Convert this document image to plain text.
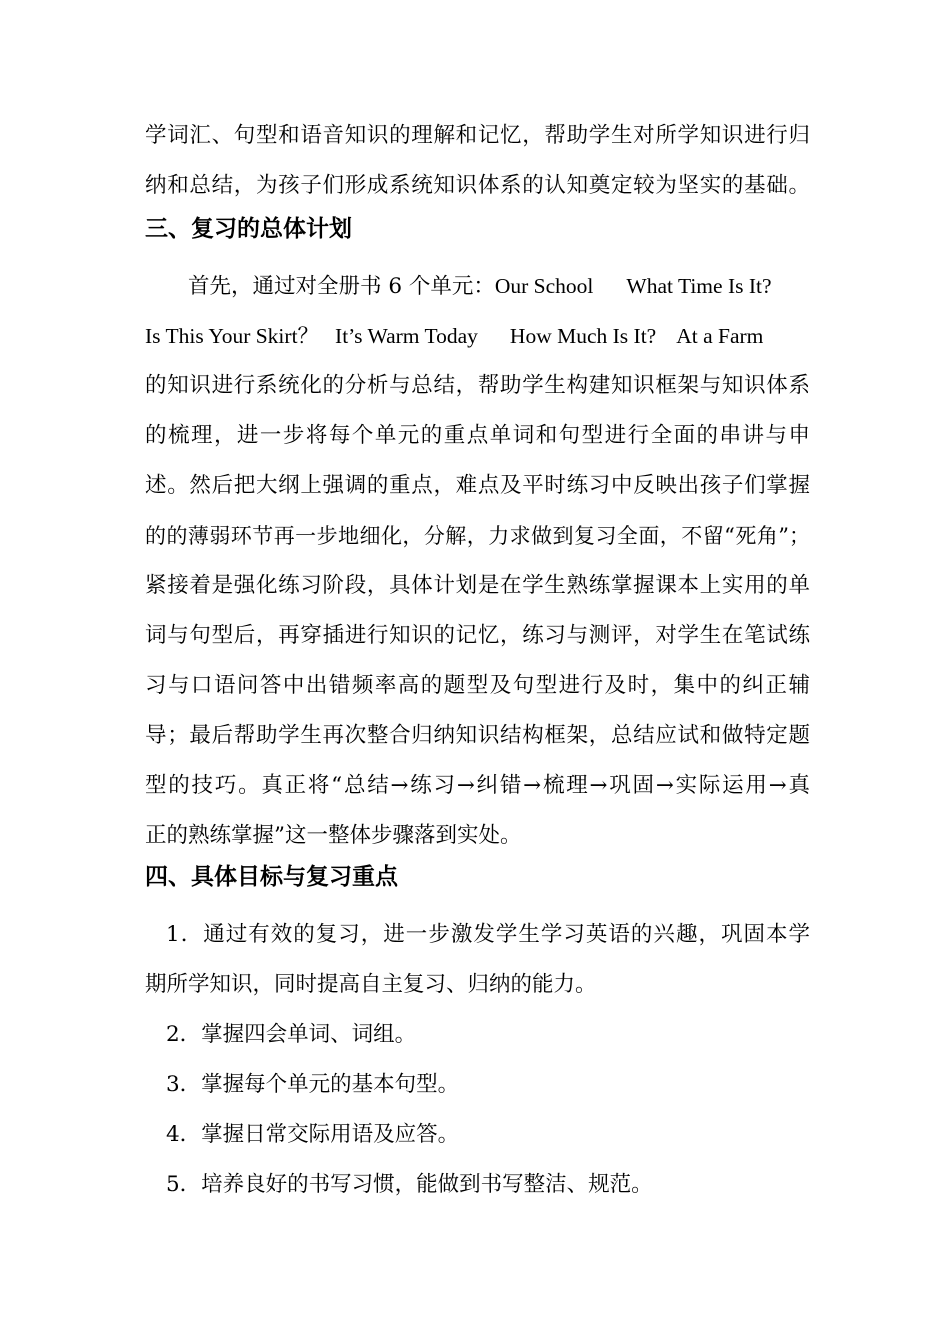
学词汇、句型和语音知识的理解和记忆，帮助学生对所学知识进行归
纳和总结，为孩子们形成系统知识体系的认知奠定较为坚实的基础。
三、复习的总体计划
首先，通过对全册书 6 个单元：Our School What Time Is It?
Is This Your Skirt？ It’s Warm Today How Much Is It? At a Farm
的知识进行系统化的分析与总结，帮助学生构建知识框架与知识体系
的梳理，进一步将每个单元的重点单词和句型进行全面的串讲与申
述。然后把大纲上强调的重点，难点及平时练习中反映出孩子们掌握
的的薄弱环节再一步地细化，分解，力求做到复习全面，不留“死角”；
紧接着是强化练习阶段，具体计划是在学生熟练掌握课本上实用的单
词与句型后，再穿插进行知识的记忆，练习与测评，对学生在笔试练
习与口语问答中出错频率高的题型及句型进行及时，集中的纠正辅
导；最后帮助学生再次整合归纳知识结构框架，总结应试和做特定题
型的技巧。真正将“总结→练习→纠错→梳理→巩固→实际运用→真
正的熟练掌握”这一整体步骤落到实处。
四、具体目标与复习重点
1．通过有效的复习，进一步激发学生学习英语的兴趣，巩固本学
期所学知识，同时提高自主复习、归纳的能力。
2．掌握四会单词、词组。
3．掌握每个单元的基本句型。
4．掌握日常交际用语及应答。
5．培养良好的书写习惯，能做到书写整洁、规范。
